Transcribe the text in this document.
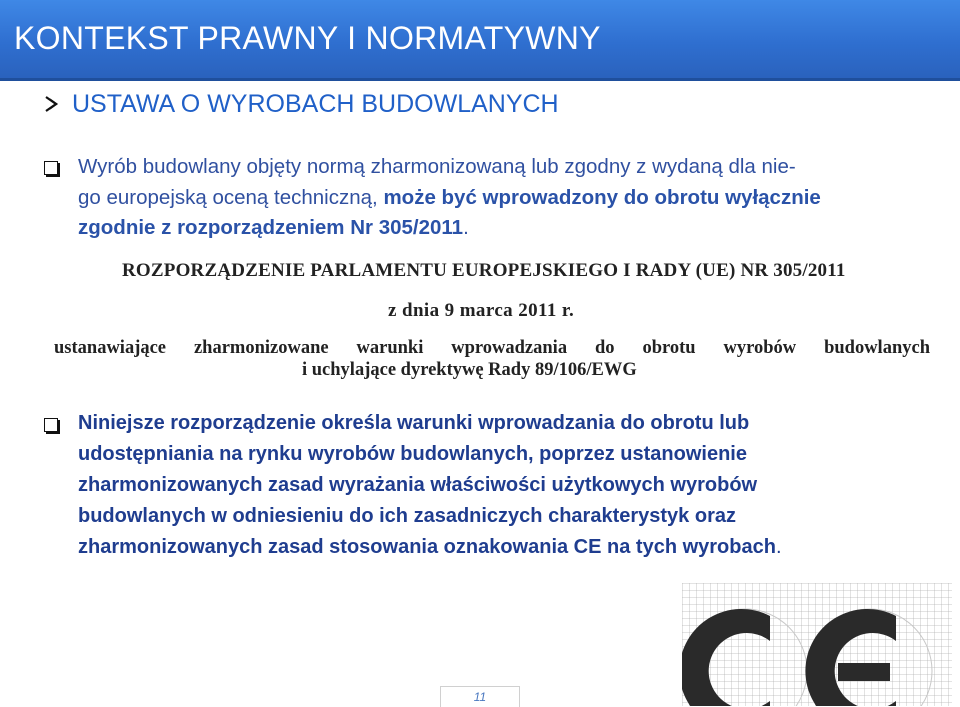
KONTEKST PRAWNY I NORMATYWNY
USTAWA O WYROBACH BUDOWLANYCH
Wyrób budowlany objęty normą zharmonizowaną lub zgodny z wydaną dla nie-
go europejską oceną techniczną, może być wprowadzony do obrotu wyłącznie
zgodnie z rozporządzeniem Nr 305/2011.
ROZPORZĄDZENIE PARLAMENTU EUROPEJSKIEGO I RADY (UE) NR 305/2011
z dnia 9 marca 2011 r.
ustanawiające zharmonizowane warunki wprowadzania do obrotu wyrobów budowlanych
i uchylające dyrektywę Rady 89/106/EWG
Niniejsze rozporządzenie określa warunki wprowadzania do obrotu lub
udostępniania na rynku wyrobów budowlanych, poprzez ustanowienie
zharmonizowanych zasad wyrażania właściwości użytkowych wyrobów
budowlanych w odniesieniu do ich zasadniczych charakterystyk oraz
zharmonizowanych zasad stosowania oznakowania CE na tych wyrobach.
11
